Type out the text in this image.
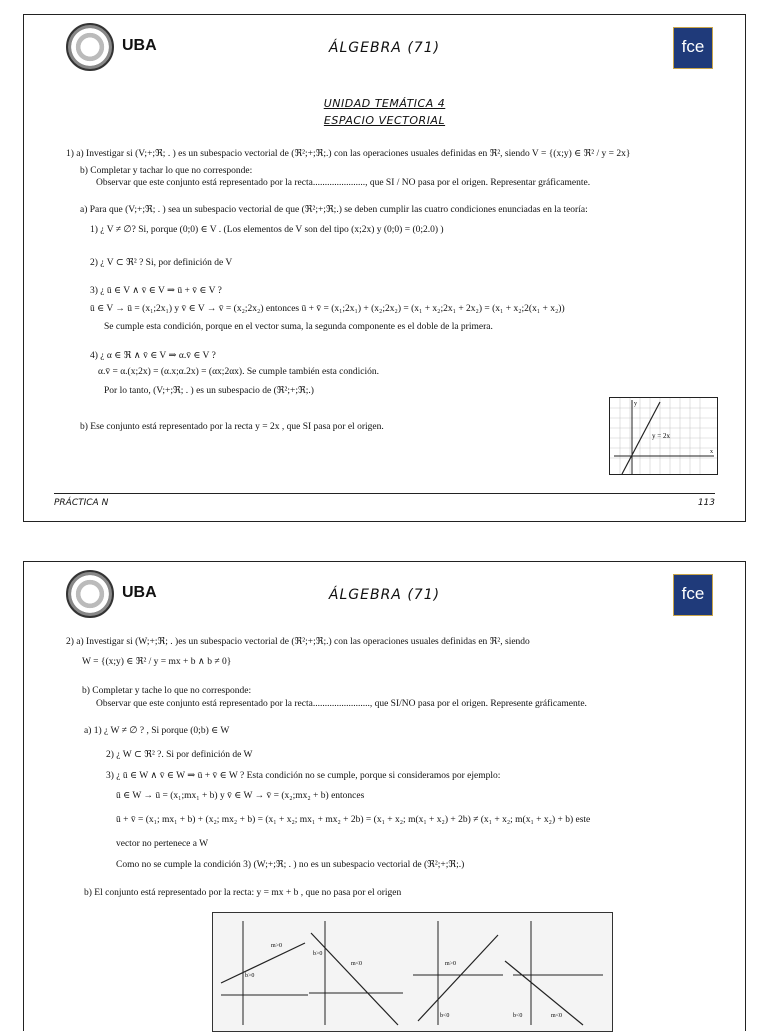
UBA	ÁLGEBRA (71)	fce
UNIDAD TEMÁTICA 4
ESPACIO VECTORIAL
1) a) Investigar si (V;+;ℜ; . ) es un subespacio vectorial de (ℜ²;+;ℜ;.) con las operaciones usuales definidas en ℜ², siendo V = {(x;y) ∈ ℜ² / y = 2x}
b) Completar y tachar lo que no corresponde:
Observar que este conjunto está representado por la recta......................, que SI / NO pasa por el origen. Representar gráficamente.
a) Para que (V;+;ℜ; . ) sea un subespacio vectorial de que (ℜ²;+;ℜ;.) se deben cumplir las cuatro condiciones enunciadas en la teoría:
1) ¿ V ≠ ∅? Si, porque (0;0) ∈ V . (Los elementos de V son del tipo (x;2x) y (0;0) = (0;2.0) )
2) ¿ V ⊂ ℜ² ? Si, por definición de V
3) ¿ ū ∈ V ∧ v̄ ∈ V ⇒ ū + v̄ ∈ V ?
ū ∈ V → ū = (x₁;2x₁) y v̄ ∈ V → v̄ = (x₂;2x₂) entonces ū + v̄ = (x₁;2x₁) + (x₂;2x₂) = (x₁ + x₂;2x₁ + 2x₂) = (x₁ + x₂;2(x₁ + x₂))
Se cumple esta condición, porque en el vector suma, la segunda componente es el doble de la primera.
4) ¿ α ∈ ℜ ∧ v̄ ∈ V ⇒ α.v̄ ∈ V ?
α.v̄ = α.(x;2x) = (α.x;α.2x) = (αx;2αx). Se cumple también esta condición.
Por lo tanto, (V;+;ℜ; . ) es un subespacio de (ℜ²;+;ℜ;.)
b) Ese conjunto está representado por la recta y = 2x , que SI pasa por el origen.
y = 2x
x
y
PRÁCTICA N	113
UBA	ÁLGEBRA (71)	fce
2) a) Investigar si (W;+;ℜ; . )es un subespacio vectorial de (ℜ²;+;ℜ;.) con las operaciones usuales definidas en ℜ², siendo
W = {(x;y) ∈ ℜ² / y = mx + b ∧ b ≠ 0}
b) Completar y tache lo que no corresponde:
Observar que este conjunto está representado por la recta........................, que SI/NO pasa por el origen. Represente gráficamente.
a) 1) ¿ W ≠ ∅ ? , Si porque (0;b) ∈ W
2) ¿ W ⊂ ℜ² ?. Si por definición de W
3) ¿ ū ∈ W ∧ v̄ ∈ W ⇒ ū + v̄ ∈ W ? Esta condición no se cumple, porque si consideramos por ejemplo:
ū ∈ W → ū = (x₁;mx₁ + b) y v̄ ∈ W → v̄ = (x₂;mx₂ + b) entonces
ū + v̄ = (x₁; mx₁ + b) + (x₂; mx₂ + b) = (x₁ + x₂; mx₁ + mx₂ + 2b) = (x₁ + x₂; m(x₁ + x₂) + 2b) ≠ (x₁ + x₂; m(x₁ + x₂) + b) este
vector no pertenece a W
Como no se cumple la condición 3) (W;+;ℜ; . ) no es un subespacio vectorial de (ℜ²;+;ℜ;.)
b) El conjunto está representado por la recta: y = mx + b , que no pasa por el origen
m>0
b>0
b>0
m<0	m>0
b<0	b<0	m<0
